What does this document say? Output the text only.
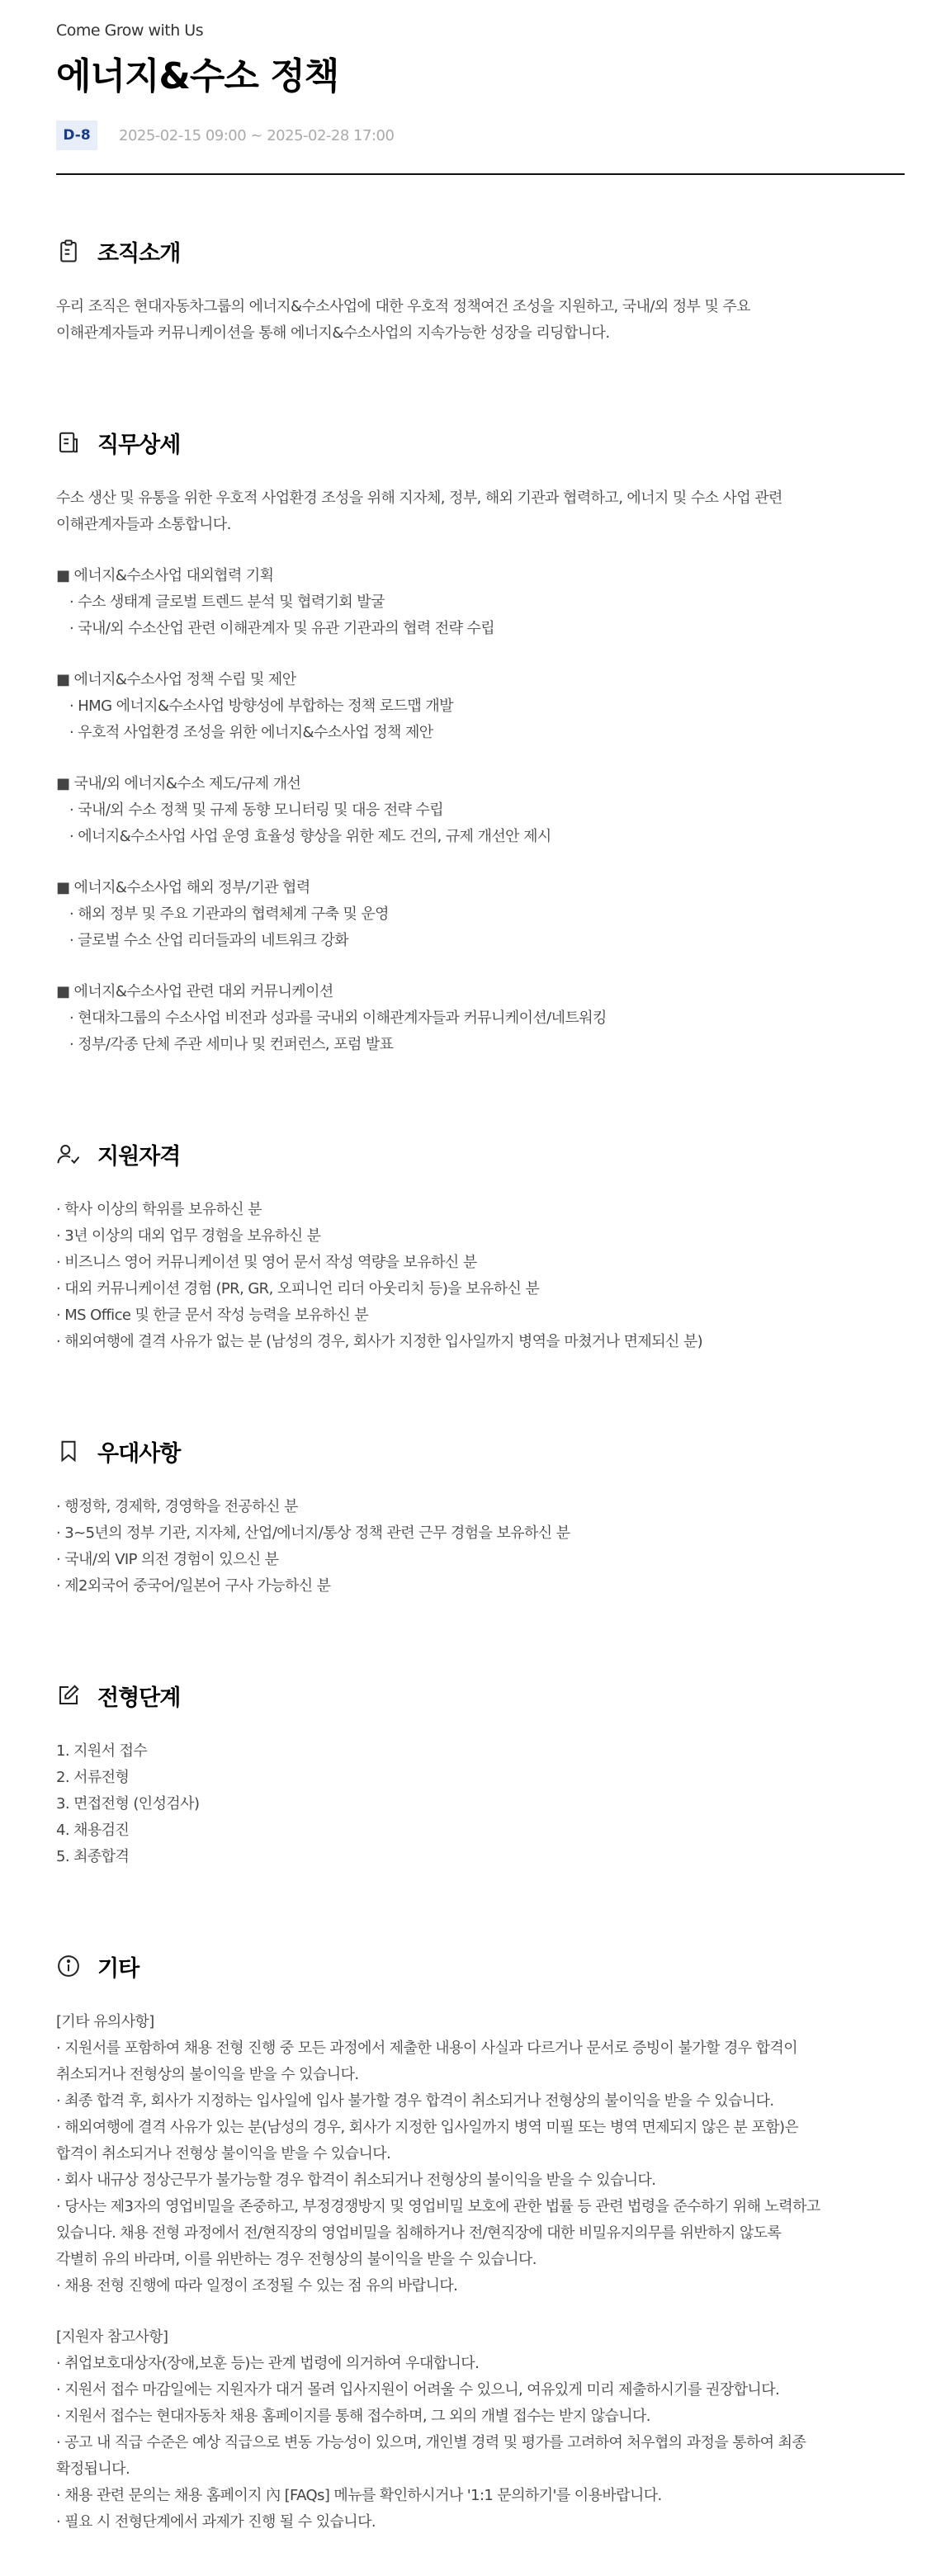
Come Grow with Us
에너지&수소 정책
D-8	2025-02-15 09:00 ~ 2025-02-28 17:00
조직소개
우리 조직은 현대자동차그룹의 에너지&수소사업에 대한 우호적 정책여건 조성을 지원하고, 국내/외 정부 및 주요
이해관계자들과 커뮤니케이션을 통해 에너지&수소사업의 지속가능한 성장을 리딩합니다.
직무상세
수소 생산 및 유통을 위한 우호적 사업환경 조성을 위해 지자체, 정부, 해외 기관과 협력하고, 에너지 및 수소 사업 관련
이해관계자들과 소통합니다.
■ 에너지&수소사업 대외협력 기획
· 수소 생태계 글로벌 트렌드 분석 및 협력기회 발굴
· 국내/외 수소산업 관련 이해관계자 및 유관 기관과의 협력 전략 수립
■ 에너지&수소사업 정책 수립 및 제안
· HMG 에너지&수소사업 방향성에 부합하는 정책 로드맵 개발
· 우호적 사업환경 조성을 위한 에너지&수소사업 정책 제안
■ 국내/외 에너지&수소 제도/규제 개선
· 국내/외 수소 정책 및 규제 동향 모니터링 및 대응 전략 수립
· 에너지&수소사업 사업 운영 효율성 향상을 위한 제도 건의, 규제 개선안 제시
■ 에너지&수소사업 해외 정부/기관 협력
· 해외 정부 및 주요 기관과의 협력체계 구축 및 운영
· 글로벌 수소 산업 리더들과의 네트워크 강화
■ 에너지&수소사업 관련 대외 커뮤니케이션
· 현대차그룹의 수소사업 비전과 성과를 국내외 이해관계자들과 커뮤니케이션/네트워킹
· 정부/각종 단체 주관 세미나 및 컨퍼런스, 포럼 발표
지원자격
· 학사 이상의 학위를 보유하신 분
· 3년 이상의 대외 업무 경험을 보유하신 분
· 비즈니스 영어 커뮤니케이션 및 영어 문서 작성 역량을 보유하신 분
· 대외 커뮤니케이션 경험 (PR, GR, 오피니언 리더 아웃리치 등)을 보유하신 분
· MS Office 및 한글 문서 작성 능력을 보유하신 분
· 해외여행에 결격 사유가 없는 분 (남성의 경우, 회사가 지정한 입사일까지 병역을 마쳤거나 면제되신 분)
우대사항
· 행정학, 경제학, 경영학을 전공하신 분
· 3~5년의 정부 기관, 지자체, 산업/에너지/통상 정책 관련 근무 경험을 보유하신 분
· 국내/외 VIP 의전 경험이 있으신 분
· 제2외국어 중국어/일본어 구사 가능하신 분
전형단계
1. 지원서 접수
2. 서류전형
3. 면접전형 (인성검사)
4. 채용검진
5. 최종합격
기타
[기타 유의사항]
· 지원서를 포함하여 채용 전형 진행 중 모든 과정에서 제출한 내용이 사실과 다르거나 문서로 증빙이 불가할 경우 합격이
취소되거나 전형상의 불이익을 받을 수 있습니다.
· 최종 합격 후, 회사가 지정하는 입사일에 입사 불가할 경우 합격이 취소되거나 전형상의 불이익을 받을 수 있습니다.
· 해외여행에 결격 사유가 있는 분(남성의 경우, 회사가 지정한 입사일까지 병역 미필 또는 병역 면제되지 않은 분 포함)은
합격이 취소되거나 전형상 불이익을 받을 수 있습니다.
· 회사 내규상 정상근무가 불가능할 경우 합격이 취소되거나 전형상의 불이익을 받을 수 있습니다.
· 당사는 제3자의 영업비밀을 존중하고, 부정경쟁방지 및 영업비밀 보호에 관한 법률 등 관련 법령을 준수하기 위해 노력하고
있습니다. 채용 전형 과정에서 전/현직장의 영업비밀을 침해하거나 전/현직장에 대한 비밀유지의무를 위반하지 않도록
각별히 유의 바라며, 이를 위반하는 경우 전형상의 불이익을 받을 수 있습니다.
· 채용 전형 진행에 따라 일정이 조정될 수 있는 점 유의 바랍니다.
[지원자 참고사항]
· 취업보호대상자(장애,보훈 등)는 관계 법령에 의거하여 우대합니다.
· 지원서 접수 마감일에는 지원자가 대거 몰려 입사지원이 어려울 수 있으니, 여유있게 미리 제출하시기를 권장합니다.
· 지원서 접수는 현대자동차 채용 홈페이지를 통해 접수하며, 그 외의 개별 접수는 받지 않습니다.
· 공고 내 직급 수준은 예상 직급으로 변동 가능성이 있으며, 개인별 경력 및 평가를 고려하여 처우협의 과정을 통하여 최종
확정됩니다.
· 채용 관련 문의는 채용 홈페이지 內 [FAQs] 메뉴를 확인하시거나 '1:1 문의하기'를 이용바랍니다.
· 필요 시 전형단계에서 과제가 진행 될 수 있습니다.
